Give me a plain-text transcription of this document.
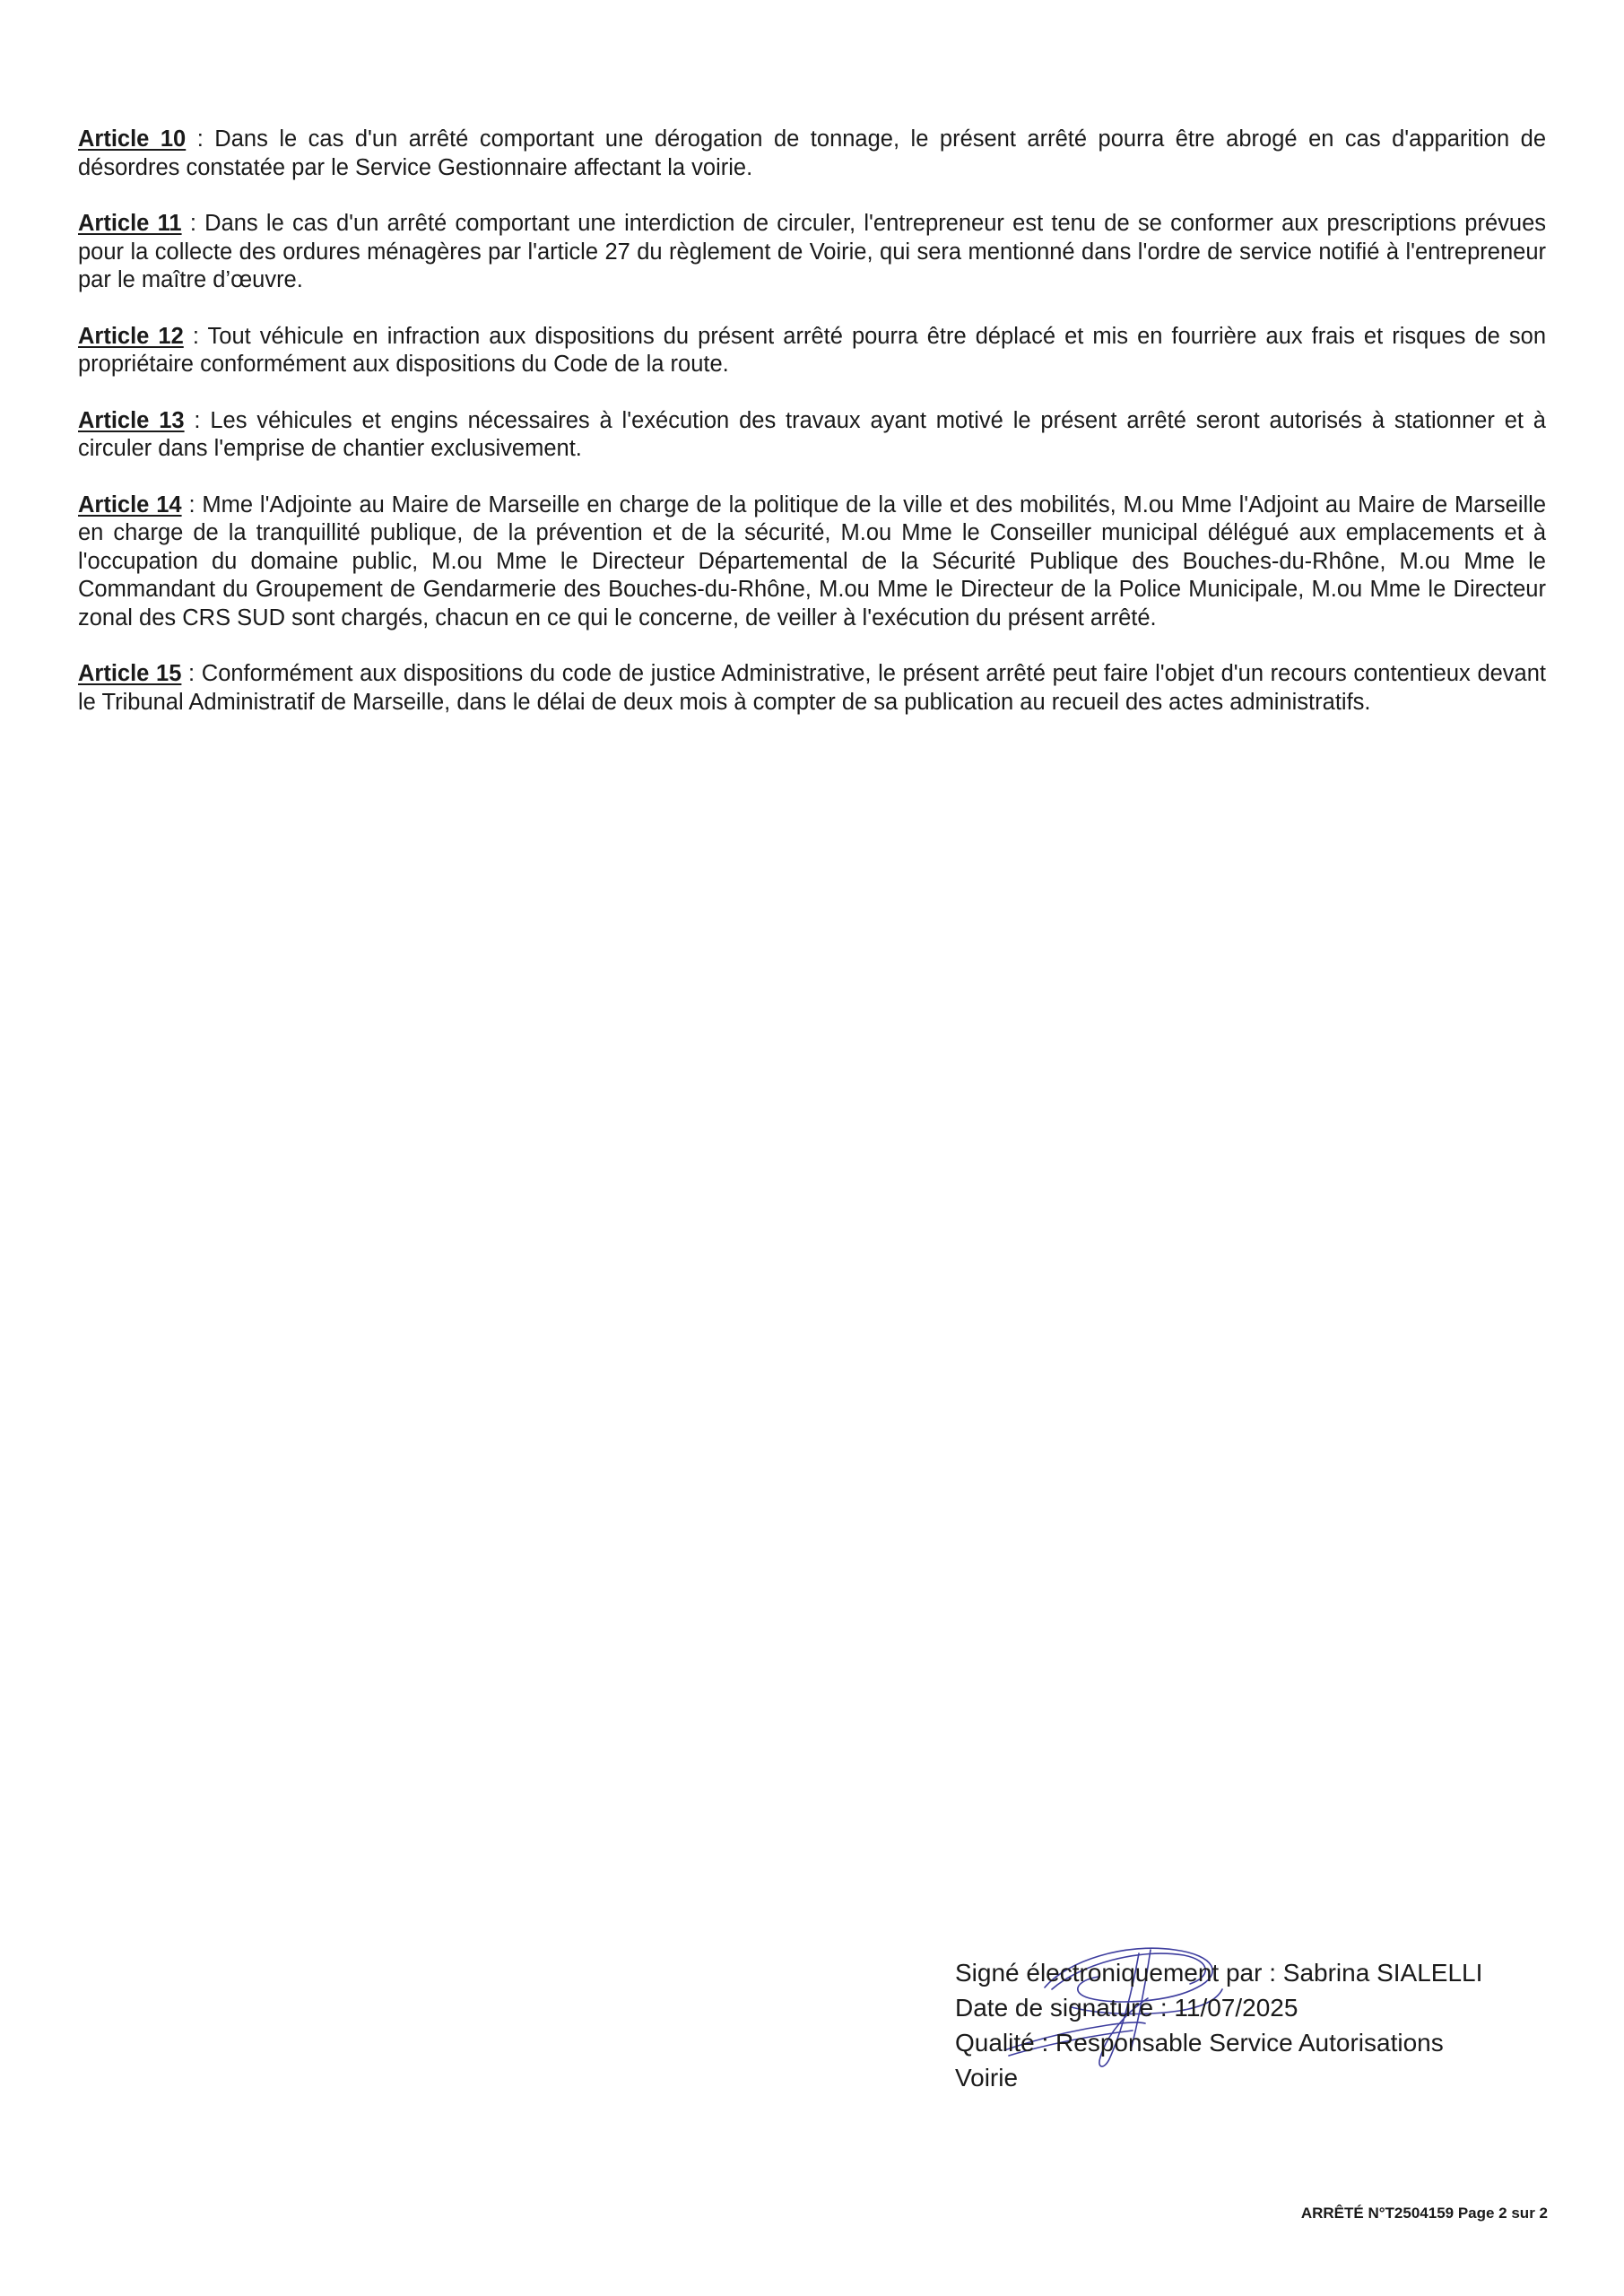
Article 10 : Dans le cas d'un arrêté comportant une dérogation de tonnage, le présent arrêté pourra être abrogé en cas d'apparition de désordres constatée par le Service Gestionnaire affectant la voirie.

Article 11 : Dans le cas d'un arrêté comportant une interdiction de circuler, l'entrepreneur est tenu de se conformer aux prescriptions prévues pour la collecte des ordures ménagères par l'article 27 du règlement de Voirie, qui sera mentionné dans l'ordre de service notifié à l'entrepreneur par le maître d’œuvre.

Article 12 : Tout véhicule en infraction aux dispositions du présent arrêté pourra être déplacé et mis en fourrière aux frais et risques de son propriétaire conformément aux dispositions du Code de la route.

Article 13 : Les véhicules et engins nécessaires à l'exécution des travaux ayant motivé le présent arrêté seront autorisés à stationner et à circuler dans l'emprise de chantier exclusivement.

Article 14 : Mme l'Adjointe au Maire de Marseille en charge de la politique de la ville et des mobilités, M.ou Mme l'Adjoint au Maire de Marseille en charge de la tranquillité publique, de la prévention et de la sécurité, M.ou Mme le Conseiller municipal délégué aux emplacements et à l'occupation du domaine public, M.ou Mme le Directeur Départemental de la Sécurité Publique des Bouches-du-Rhône, M.ou Mme le Commandant du Groupement de Gendarmerie des Bouches-du-Rhône, M.ou Mme le Directeur de la Police Municipale, M.ou Mme le Directeur zonal des CRS SUD sont chargés, chacun en ce qui le concerne, de veiller à l'exécution du présent arrêté.

Article 15 : Conformément aux dispositions du code de justice Administrative, le présent arrêté peut faire l'objet d'un recours contentieux devant le Tribunal Administratif de Marseille, dans le délai de deux mois à compter de sa publication au recueil des actes administratifs.

Signé électroniquement par : Sabrina SIALELLI
Date de signature : 11/07/2025
Qualité : Responsable Service Autorisations Voirie
ARRÊTÉ N°T2504159 Page 2 sur 2
